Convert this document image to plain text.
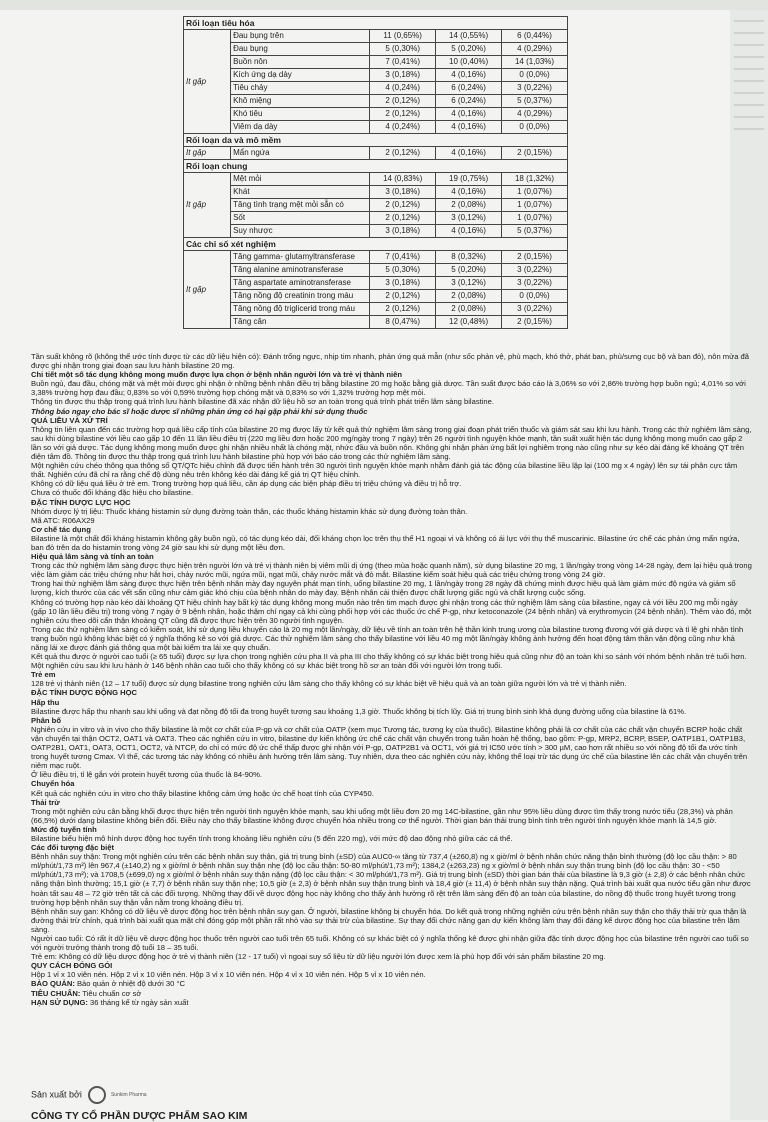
Rối loạn tiêu hóa				
It gặp	Đau bụng trên	11 (0,65%)	14 (0,55%)	6 (0,44%)
	Đau bụng	5 (0,30%)	5 (0,20%)	4 (0,29%)
	Buồn nôn	7 (0,41%)	10 (0,40%)	14 (1,03%)
	Kích ứng dạ dày	3 (0,18%)	4 (0,16%)	0 (0,0%)
	Tiêu chảy	4 (0,24%)	6 (0,24%)	3 (0,22%)
	Khô miệng	2 (0,12%)	6 (0,24%)	5 (0,37%)
	Khó tiêu	2 (0,12%)	4 (0,16%)	4 (0,29%)
	Viêm dạ dày	4 (0,24%)	4 (0,16%)	0 (0,0%)
Rối loạn da và mô mềm				
It gặp	Mẩn ngứa	2 (0,12%)	4 (0,16%)	2 (0,15%)
Rối loạn chung				
It gặp	Mệt mỏi	14 (0,83%)	19 (0,75%)	18 (1,32%)
	Khát	3 (0,18%)	4 (0,16%)	1 (0,07%)
	Tăng tình trạng mệt mỏi sẵn có	2 (0,12%)	2 (0,08%)	1 (0,07%)
	Sốt	2 (0,12%)	3 (0,12%)	1 (0,07%)
	Suy nhược	3 (0,18%)	4 (0,16%)	5 (0,37%)
Các chỉ số xét nghiệm				
It gặp	Tăng gamma- glutamyltransferase	7 (0,41%)	8 (0,32%)	2 (0,15%)
	Tăng alanine aminotransferase	5 (0,30%)	5 (0,20%)	3 (0,22%)
	Tăng aspartate aminotransferase	3 (0,18%)	3 (0,12%)	3 (0,22%)
	Tăng nồng độ creatinin trong máu	2 (0,12%)	2 (0,08%)	0 (0,0%)
	Tăng nồng độ triglicerid trong máu	2 (0,12%)	2 (0,08%)	3 (0,22%)
	Tăng cân	8 (0,47%)	12 (0,48%)	2 (0,15%)

Tần suất không rõ (không thể ước tính được từ các dữ liệu hiện có): Đánh trống ngực, nhịp tim nhanh, phản ứng quá mẫn (như sốc phản vệ, phù mạch, khó thở, phát ban, phù/sưng cục bộ và ban đỏ), nôn mửa đã được ghi nhận trong giai đoạn sau lưu hành bilastine 20 mg.

Chi tiết một số tác dụng không mong muốn được lựa chọn ở bệnh nhân người lớn và trẻ vị thành niên

Buồn ngủ, đau đầu, chóng mặt và mệt mỏi được ghi nhận ở những bệnh nhân điều trị bằng bilastine 20 mg hoặc bằng giả dược. Tần suất được báo cáo là 3,06% so với 2,86% trường hợp buồn ngủ; 4,01% so với 3,38% trường hợp đau đầu; 0,83% so với 0,59% trường hợp chóng mặt và 0,83% so với 1,32% trường hợp mệt mỏi.

Thông tin được thu thập trong quá trình lưu hành bilastine đã xác nhận dữ liệu hồ sơ an toàn trong quá trình phát triển lâm sàng bilastine.

Thông báo ngay cho bác sĩ hoặc dược sĩ những phản ứng có hại gặp phải khi sử dụng thuốc

QUÁ LIỀU VÀ XỬ TRÍ

Thông tin liên quan đến các trường hợp quá liều cấp tính của bilastine 20 mg được lấy từ kết quả thử nghiệm lâm sàng trong giai đoạn phát triển thuốc và giám sát sau khi lưu hành. Trong các thử nghiệm lâm sàng, sau khi dùng bilastine với liều cao gấp 10 đến 11 lần liều điều trị (220 mg liều đơn hoặc 200 mg/ngày trong 7 ngày) trên 26 người tình nguyện khỏe mạnh, tần suất xuất hiện tác dụng không mong muốn cao gấp 2 lần so với giả dược. Tác dụng không mong muốn được ghi nhận nhiều nhất là chóng mặt, nhức đầu và buồn nôn. Không ghi nhận phản ứng bất lợi nghiêm trọng nào cũng như sự kéo dài đáng kể khoảng QT trên điện tâm đồ. Thông tin được thu thập trong quá trình lưu hành bilastine phù hợp với báo cáo trong các thử nghiệm lâm sàng.

Một nghiên cứu chéo thông qua thông số QT/QTc hiệu chỉnh đã được tiến hành trên 30 người tình nguyện khỏe mạnh nhằm đánh giá tác động của bilastine liều lặp lại (100 mg x 4 ngày) lên sự tái phân cực tâm thất. Nghiên cứu đã chỉ ra rằng chế độ dùng nêu trên không kéo dài đáng kể giá trị QT hiệu chỉnh.

Không có dữ liệu quá liều ở trẻ em. Trong trường hợp quá liều, cần áp dụng các biện pháp điều trị triệu chứng và điều trị hỗ trợ.

Chưa có thuốc đối kháng đặc hiệu cho bilastine.

ĐẶC TÍNH DƯỢC LỰC HỌC

Nhóm dược lý trị liệu: Thuốc kháng histamin sử dụng đường toàn thân, các thuốc kháng histamin khác sử dụng đường toàn thân.

Mã ATC: R06AX29

Cơ chế tác dụng

Bilastine là một chất đối kháng histamin không gây buồn ngủ, có tác dụng kéo dài, đối kháng chọn lọc trên thụ thể H1 ngoại vi và không có ái lực với thụ thể muscarinic. Bilastine ức chế các phản ứng mẩn ngứa, ban đỏ trên da do histamin trong vòng 24 giờ sau khi sử dụng một liều đơn.

Hiệu quả lâm sàng và tính an toàn

Trong các thử nghiệm lâm sàng được thực hiện trên người lớn và trẻ vị thành niên bị viêm mũi dị ứng (theo mùa hoặc quanh năm), sử dụng bilastine 20 mg, 1 lần/ngày trong vòng 14-28 ngày, đem lại hiệu quả trong việc làm giảm các triệu chứng như hắt hơi, chảy nước mũi, ngứa mũi, ngạt mũi, chảy nước mắt và đỏ mắt. Bilastine kiểm soát hiệu quả các triệu chứng trong vòng 24 giờ.

Trong hai thử nghiệm lâm sàng được thực hiện trên bệnh nhân mày đay nguyên phát mạn tính, uống bilastine 20 mg, 1 lần/ngày trong 28 ngày đã chứng minh được hiệu quả làm giảm mức độ ngứa và giảm số lượng, kích thước của các vết sẩn cũng như cảm giác khó chịu của bệnh nhân do mày đay. Bệnh nhân cải thiện được chất lượng giấc ngủ và chất lượng cuộc sống.

Không có trường hợp nào kéo dài khoảng QT hiệu chỉnh hay bất kỳ tác dụng không mong muốn nào trên tim mạch được ghi nhận trong các thử nghiệm lâm sàng của bilastine, ngay cả với liều 200 mg mỗi ngày (gấp 10 lần liều điều trị) trong vòng 7 ngày ở 9 bệnh nhân, hoặc thậm chí ngay cả khi cùng phối hợp với các thuốc ức chế P-gp, như ketoconazole (24 bệnh nhân) và erythromycin (24 bệnh nhân). Thêm vào đó, một nghiên cứu theo dõi cẩn thận khoảng QT cũng đã được thực hiện trên 30 người tình nguyện.

Trong các thử nghiệm lâm sàng có kiểm soát, khi sử dụng liều khuyến cáo là 20 mg một lần/ngày, dữ liệu về tính an toàn trên hệ thần kinh trung ương của bilastine tương đương với giả dược và tỉ lệ ghi nhận tình trạng buồn ngủ không khác biệt có ý nghĩa thống kê so với giả dược. Các thử nghiệm lâm sàng cho thấy bilastine với liều 40 mg một lần/ngày không ảnh hưởng đến hoạt động tâm thần vận động cũng như khả năng lái xe được đánh giá thông qua một bài kiểm tra lái xe quy chuẩn.

Kết quả thu được ở người cao tuổi (≥ 65 tuổi) được sự lựa chọn trong nghiên cứu pha II và pha III cho thấy không có sự khác biệt trong hiệu quả cũng như độ an toàn khi so sánh với nhóm bệnh nhân trẻ tuổi hơn. Một nghiên cứu sau khi lưu hành ở 146 bệnh nhân cao tuổi cho thấy không có sự khác biệt trong hồ sơ an toàn đối với người lớn trong tuổi.

Trẻ em

128 trẻ vị thành niên (12 – 17 tuổi) được sử dụng bilastine trong nghiên cứu lâm sàng cho thấy không có sự khác biệt về hiệu quả và an toàn giữa người lớn và trẻ vị thành niên.

ĐẶC TÍNH DƯỢC ĐỘNG HỌC

Hấp thu

Bilastine được hấp thu nhanh sau khi uống và đạt nồng độ tối đa trong huyết tương sau khoảng 1,3 giờ. Thuốc không bị tích lũy. Giá trị trung bình sinh khả dụng đường uống của bilastine là 61%.

Phân bố

Nghiên cứu in vitro và in vivo cho thấy bilastine là một cơ chất của P-gp và cơ chất của OATP (xem mục Tương tác, tương kỵ của thuốc). Bilastine không phải là cơ chất của các chất vận chuyển BCRP hoặc chất vận chuyển tại thận OCT2, OAT1 và OAT3. Theo các nghiên cứu in vitro, bilastine dự kiến không ức chế các chất vận chuyển trong tuần hoàn hệ thống, bao gồm: P-gp, MRP2, BCRP, BSEP, OATP1B1, OATP1B3, OATP2B1, OAT1, OAT3, OCT1, OCT2, và NTCP, do chỉ có mức độ ức chế thấp được ghi nhận với P-gp, OATP2B1 và OCT1, với giá trị IC50 ước tính > 300 µM, cao hơn rất nhiều so với nồng độ tối đa ước tính trong huyết tương Cmax. Vì thế, các tương tác này không có nhiều ảnh hưởng trên lâm sàng. Tuy nhiên, dựa theo các nghiên cứu này, không thể loại trừ tác dụng ức chế của bilastine lên các chất vận chuyển trên niêm mạc ruột.

Ở liều điều trị, tỉ lệ gắn với protein huyết tương của thuốc là 84-90%.

Chuyển hóa

Kết quả các nghiên cứu in vitro cho thấy bilastine không cảm ứng hoặc ức chế hoạt tính của CYP450.

Thải trừ

Trong một nghiên cứu cân bằng khối được thực hiện trên người tình nguyện khỏe mạnh, sau khi uống một liều đơn 20 mg 14C-bilastine, gần như 95% liều dùng được tìm thấy trong nước tiểu (28,3%) và phân (66,5%) dưới dạng bilastine không biến đổi. Điều này cho thấy bilastine không được chuyển hóa nhiều trong cơ thể người. Thời gian bán thải trung bình tính trên người tình nguyện khỏe mạnh là 14,5 giờ.

Mức độ tuyến tính

Bilastine biểu hiện mô hình dược động học tuyến tính trong khoảng liều nghiên cứu (5 đến 220 mg), với mức độ dao động nhỏ giữa các cá thể.

Các đối tượng đặc biệt

Bệnh nhân suy thận: Trong một nghiên cứu trên các bệnh nhân suy thận, giá trị trung bình (±SD) của AUC0-∞ tăng từ 737,4 (±260,8) ng x giờ/ml ở bệnh nhân chức năng thận bình thường (độ lọc cầu thận: > 80 ml/phút/1,73 m²) lên 967,4 (±140,2) ng x giờ/ml ở bệnh nhân suy thận nhẹ (độ lọc cầu thận: 50-80 ml/phút/1,73 m²); 1384,2 (±263,23) ng x giờ/ml ở bệnh nhân suy thận trung bình (độ lọc cầu thận: 30 - <50 ml/phút/1,73 m²); và 1708,5 (±699,0) ng x giờ/ml ở bệnh nhân suy thận nặng (độ lọc cầu thận: < 30 ml/phút/1,73 m²). Giá trị trung bình (±SD) thời gian bán thải của bilastine là 9,3 giờ (± 2,8) ở các bệnh nhân chức năng thận bình thường; 15,1 giờ (± 7,7) ở bệnh nhân suy thận nhẹ; 10,5 giờ (± 2,3) ở bệnh nhân suy thận trung bình và 18,4 giờ (± 11,4) ở bệnh nhân suy thận nặng. Quá trình bài xuất qua nước tiểu gần như được hoàn tất sau 48 – 72 giờ trên tất cả các đối tượng. Những thay đổi về dược động học này không cho thấy ảnh hưởng rõ rệt trên lâm sàng đến độ an toàn của bilastine, do nồng độ thuốc trong huyết tương trong trường hợp bệnh nhân suy thận vẫn nằm trong khoảng điều trị.

Bệnh nhân suy gan: Không có dữ liệu về dược động học trên bệnh nhân suy gan. Ở người, bilastine không bị chuyển hóa. Do kết quả trong những nghiên cứu trên bệnh nhân suy thận cho thấy thải trừ qua thận là đường thải trừ chính, quá trình bài xuất qua mật chỉ đóng góp một phần rất nhỏ vào sự thải trừ của bilastine. Sự thay đổi chức năng gan dự kiến không làm thay đổi đáng kể dược động học của bilastine trên lâm sàng.

Người cao tuổi: Có rất ít dữ liệu về dược động học thuốc trên người cao tuổi trên 65 tuổi. Không có sự khác biệt có ý nghĩa thống kê được ghi nhận giữa đặc tính dược động học của bilastine trên người cao tuổi so với người trưởng thành trong độ tuổi 18 – 35 tuổi.

Trẻ em: Không có dữ liệu dược động học ở trẻ vị thành niên (12 - 17 tuổi) vì ngoại suy số liệu từ dữ liệu người lớn được xem là phù hợp đối với sản phẩm bilastine 20 mg.

QUY CÁCH ĐÓNG GÓI

Hộp 1 vỉ x 10 viên nén. Hộp 2 vỉ x 10 viên nén. Hộp 3 vỉ x 10 viên nén. Hộp 4 vỉ x 10 viên nén. Hộp 5 vỉ x 10 viên nén.

BẢO QUẢN: Bảo quản ở nhiệt độ dưới 30 °C

TIÊU CHUẨN: Tiêu chuẩn cơ sở

HẠN SỬ DỤNG: 36 tháng kể từ ngày sản xuất

Sản xuất bởi	Sunkim Pharma
CÔNG TY CỔ PHẦN DƯỢC PHẨM SAO KIM
